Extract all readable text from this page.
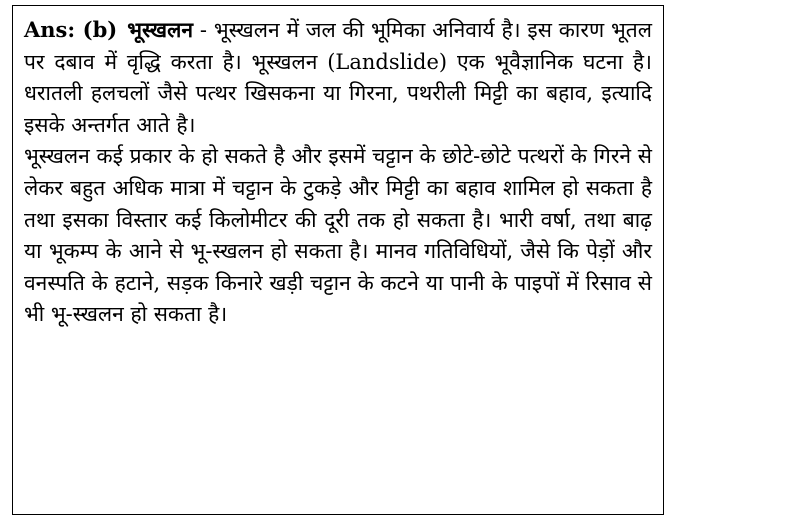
Ans: (b) भूस्खलन - भूस्खलन में जल की भूमिका अनिवार्य है। इस कारण भूतल पर दबाव में वृद्धि करता है। भूस्खलन (Landslide) एक भूवैज्ञानिक घटना है। धरातली हलचलों जैसे पत्थर खिसकना या गिरना, पथरीली मिट्टी का बहाव, इत्यादि इसके अन्तर्गत आते है।

भूस्खलन कई प्रकार के हो सकते है और इसमें चट्टान के छोटे-छोटे पत्थरों के गिरने से लेकर बहुत अधिक मात्रा में चट्टान के टुकड़े और मिट्टी का बहाव शामिल हो सकता है तथा इसका विस्तार कई किलोमीटर की दूरी तक हो सकता है। भारी वर्षा, तथा बाढ़ या भूकम्प के आने से भू-स्खलन हो सकता है। मानव गतिविधियों, जैसे कि पेड़ों और वनस्पति के हटाने, सड़क किनारे खड़ी चट्टान के कटने या पानी के पाइपों में रिसाव से भी भू-स्खलन हो सकता है।
